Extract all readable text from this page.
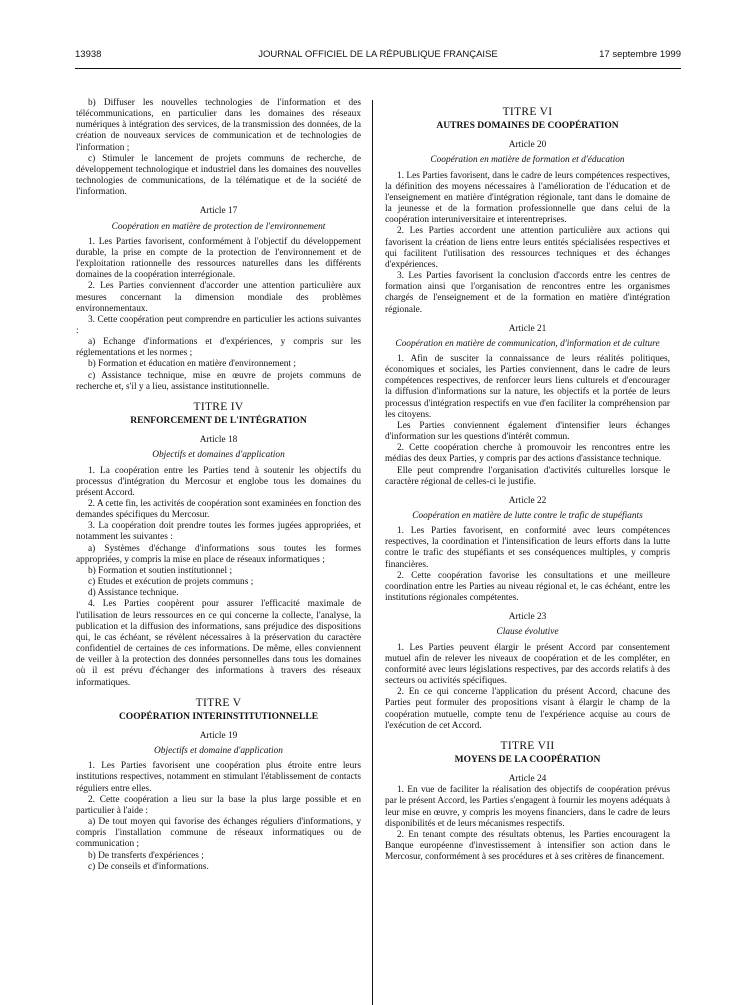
13938	JOURNAL OFFICIEL DE LA RÉPUBLIQUE FRANÇAISE	17 septembre 1999

b) Diffuser les nouvelles technologies de l'information et des télécommunications, en particulier dans les domaines des réseaux numériques à intégration des services, de la transmission des données, de la création de nouveaux services de communication et de technologies de l'information ;

c) Stimuler le lancement de projets communs de recherche, de développement technologique et industriel dans les domaines des nouvelles technologies de communications, de la télématique et de la société de l'information.

Article 17

Coopération en matière de protection de l'environnement

1. Les Parties favorisent, conformément à l'objectif du développement durable, la prise en compte de la protection de l'environnement et de l'exploitation rationnelle des ressources naturelles dans les différents domaines de la coopération interrégionale.

2. Les Parties conviennent d'accorder une attention particulière aux mesures concernant la dimension mondiale des problèmes environnementaux.

3. Cette coopération peut comprendre en particulier les actions suivantes :

a) Echange d'informations et d'expériences, y compris sur les réglementations et les normes ;

b) Formation et éducation en matière d'environnement ;

c) Assistance technique, mise en œuvre de projets communs de recherche et, s'il y a lieu, assistance institutionnelle.

TITRE IV

RENFORCEMENT DE L'INTÉGRATION

Article 18

Objectifs et domaines d'application

1. La coopération entre les Parties tend à soutenir les objectifs du processus d'intégration du Mercosur et englobe tous les domaines du présent Accord.

2. A cette fin, les activités de coopération sont examinées en fonction des demandes spécifiques du Mercosur.

3. La coopération doit prendre toutes les formes jugées appropriées, et notamment les suivantes :

a) Systèmes d'échange d'informations sous toutes les formes appropriées, y compris la mise en place de réseaux informatiques ;

b) Formation et soutien institutionnel ;

c) Etudes et exécution de projets communs ;

d) Assistance technique.

4. Les Parties coopèrent pour assurer l'efficacité maximale de l'utilisation de leurs ressources en ce qui concerne la collecte, l'analyse, la publication et la diffusion des informations, sans préjudice des dispositions qui, le cas échéant, se révèlent nécessaires à la préservation du caractère confidentiel de certaines de ces informations. De même, elles conviennent de veiller à la protection des données personnelles dans tous les domaines où il est prévu d'échanger des informations à travers des réseaux informatiques.

TITRE V

COOPÉRATION INTERINSTITUTIONNELLE

Article 19

Objectifs et domaine d'application

1. Les Parties favorisent une coopération plus étroite entre leurs institutions respectives, notamment en stimulant l'établissement de contacts réguliers entre elles.

2. Cette coopération a lieu sur la base la plus large possible et en particulier à l'aide :

a) De tout moyen qui favorise des échanges réguliers d'informations, y compris l'installation commune de réseaux informatiques ou de communication ;

b) De transferts d'expériences ;

c) De conseils et d'informations.

TITRE VI

AUTRES DOMAINES DE COOPÉRATION

Article 20

Coopération en matière de formation et d'éducation

1. Les Parties favorisent, dans le cadre de leurs compétences respectives, la définition des moyens nécessaires à l'amélioration de l'éducation et de l'enseignement en matière d'intégration régionale, tant dans le domaine de la jeunesse et de la formation professionnelle que dans celui de la coopération interuniversitaire et interentreprises.

2. Les Parties accordent une attention particulière aux actions qui favorisent la création de liens entre leurs entités spécialisées respectives et qui facilitent l'utilisation des ressources techniques et des échanges d'expériences.

3. Les Parties favorisent la conclusion d'accords entre les centres de formation ainsi que l'organisation de rencontres entre les organismes chargés de l'enseignement et de la formation en matière d'intégration régionale.

Article 21

Coopération en matière de communication, d'information et de culture

1. Afin de susciter la connaissance de leurs réalités politiques, économiques et sociales, les Parties conviennent, dans le cadre de leurs compétences respectives, de renforcer leurs liens culturels et d'encourager la diffusion d'informations sur la nature, les objectifs et la portée de leurs processus d'intégration respectifs en vue d'en faciliter la compréhension par les citoyens.

Les Parties conviennent également d'intensifier leurs échanges d'information sur les questions d'intérêt commun.

2. Cette coopération cherche à promouvoir les rencontres entre les médias des deux Parties, y compris par des actions d'assistance technique.

Elle peut comprendre l'organisation d'activités culturelles lorsque le caractère régional de celles-ci le justifie.

Article 22

Coopération en matière de lutte contre le trafic de stupéfiants

1. Les Parties favorisent, en conformité avec leurs compétences respectives, la coordination et l'intensification de leurs efforts dans la lutte contre le trafic des stupéfiants et ses conséquences multiples, y compris financières.

2. Cette coopération favorise les consultations et une meilleure coordination entre les Parties au niveau régional et, le cas échéant, entre les institutions régionales compétentes.

Article 23

Clause évolutive

1. Les Parties peuvent élargir le présent Accord par consentement mutuel afin de relever les niveaux de coopération et de les compléter, en conformité avec leurs législations respectives, par des accords relatifs à des secteurs ou activités spécifiques.

2. En ce qui concerne l'application du présent Accord, chacune des Parties peut formuler des propositions visant à élargir le champ de la coopération mutuelle, compte tenu de l'expérience acquise au cours de l'exécution de cet Accord.

TITRE VII

MOYENS DE LA COOPÉRATION

Article 24

1. En vue de faciliter la réalisation des objectifs de coopération prévus par le présent Accord, les Parties s'engagent à fournir les moyens adéquats à leur mise en œuvre, y compris les moyens financiers, dans le cadre de leurs disponibilités et de leurs mécanismes respectifs.

2. En tenant compte des résultats obtenus, les Parties encouragent la Banque européenne d'investissement à intensifier son action dans le Mercosur, conformément à ses procédures et à ses critères de financement.
